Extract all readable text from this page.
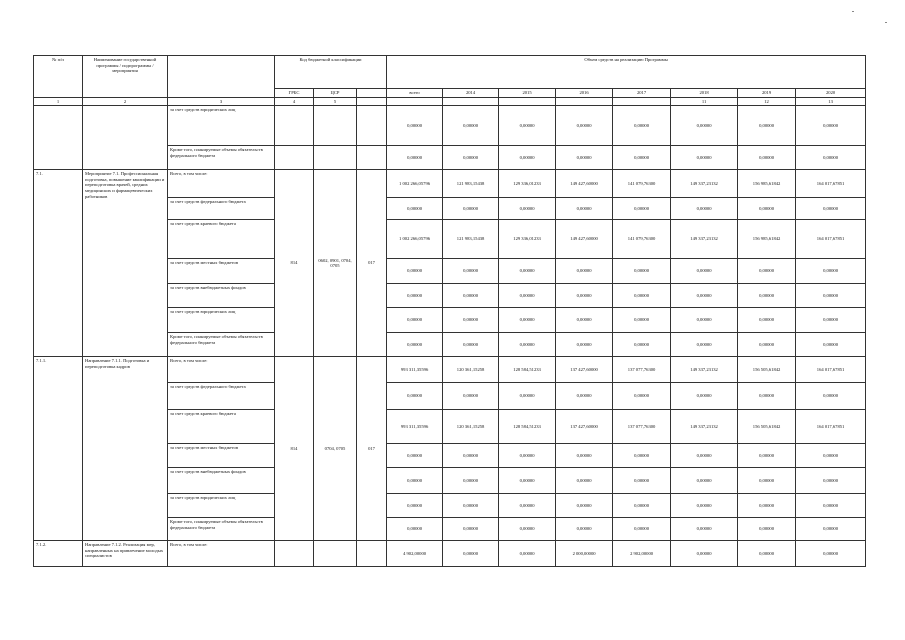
№ п/п	Наименование государственной программы / подпрограммы / мероприятия		Код бюджетной классификации			Объем средств на реализацию Программы							
			ГРБС	ЦСР		всего	2014	2015	2016	2017	2018	2019	2020
1	2	3	4	5							11	12	13
		за счет средств юридических лиц				0,00000	0,00000	0,00000	0,00000	0,00000	0,00000	0,00000	0,00000
		Кроме того, планируемые объемы обязательств федерального бюджета				0,00000	0,00000	0,00000	0,00000	0,00000	0,00000	0,00000	0,00000
7.1.	Мероприятие 7.1. Профессиональная подготовка, повышение квалификации и переподготовка врачей, средних медицинских и фармацевтических работников	Всего, в том числе:	814	0602, 0901, 0704, 0705	017	1 002 266,05796	121 983,15438	129 336,01233	149 427,60000	141 079,76300	149 337,23132	156 985,61842	164 017,67851
		за счет средств федерального бюджета				0,00000	0,00000	0,00000	0,00000	0,00000	0,00000	0,00000	0,00000
		за счет средств краевого бюджета				1 002 266,05796	121 983,15438	129 336,01233	149 427,60000	141 079,76300	149 337,23132	156 985,61842	164 017,67851
		за счет средств местных бюджетов				0,00000	0,00000	0,00000	0,00000	0,00000	0,00000	0,00000	0,00000
		за счет средств внебюджетных фондов				0,00000	0,00000	0,00000	0,00000	0,00000	0,00000	0,00000	0,00000
		за счет средств юридических лиц				0,00000	0,00000	0,00000	0,00000	0,00000	0,00000	0,00000	0,00000
		Кроме того, планируемые объемы обязательств федерального бюджета				0,00000	0,00000	0,00000	0,00000	0,00000	0,00000	0,00000	0,00000
7.1.1.	Направление 7.1.1. Подготовка и переподготовка кадров	Всего, в том числе:	814	0704, 0705	017	993 311,35596	120 361,15258	128 584,51233	137 427,60000	137 077,76300	149 337,23132	156 505,61842	164 017,67851
		за счет средств федерального бюджета				0,00000	0,00000	0,00000	0,00000	0,00000	0,00000	0,00000	0,00000
		за счет средств краевого бюджета				993 311,35596	120 361,15258	128 584,51233	137 427,60000	137 077,76300	149 337,23132	156 505,61842	164 017,67851
		за счет средств местных бюджетов				0,00000	0,00000	0,00000	0,00000	0,00000	0,00000	0,00000	0,00000
		за счет средств внебюджетных фондов				0,00000	0,00000	0,00000	0,00000	0,00000	0,00000	0,00000	0,00000
		за счет средств юридических лиц				0,00000	0,00000	0,00000	0,00000	0,00000	0,00000	0,00000	0,00000
		Кроме того, планируемые объемы обязательств федерального бюджета				0,00000	0,00000	0,00000	0,00000	0,00000	0,00000	0,00000	0,00000
7.1.2.	Направление 7.1.2. Реализация мер, направленных на привлечение молодых специалистов	Всего, в том числе:				4 902,00000	0,00000	0,00000	2 000,00000	2 902,00000	0,00000	0,00000	0,00000
